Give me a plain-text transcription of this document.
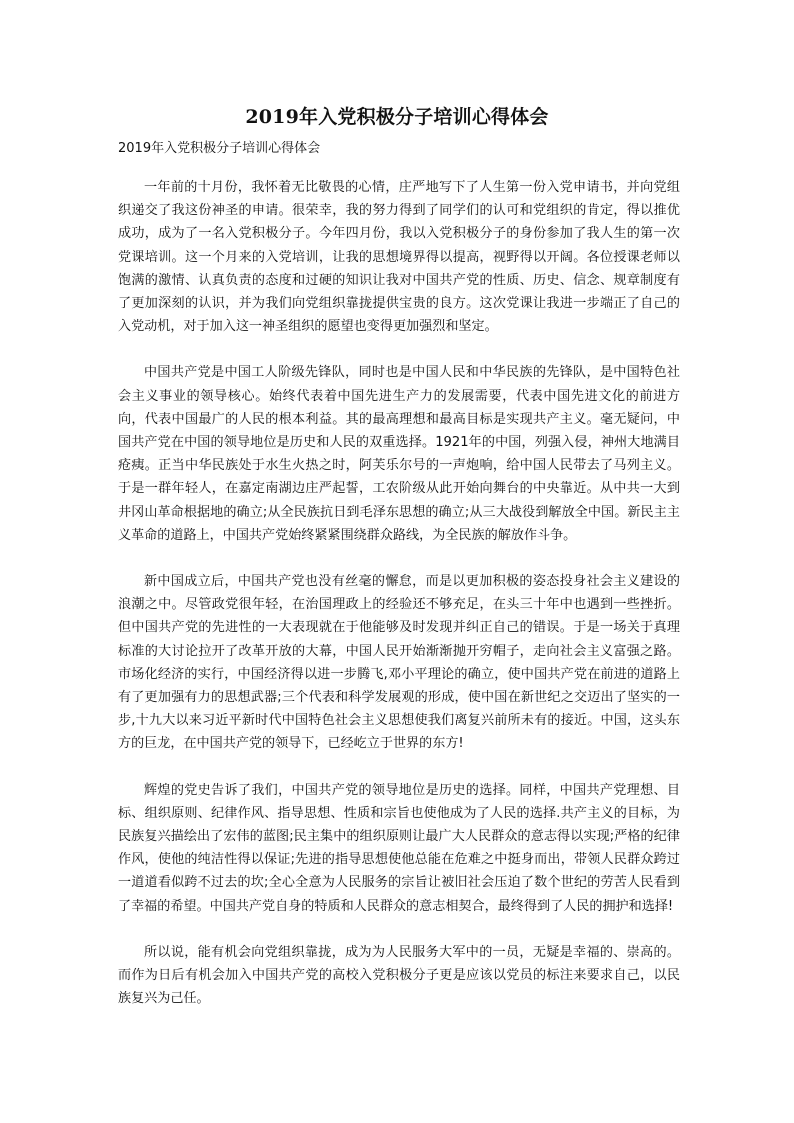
2019年入党积极分子培训心得体会
2019年入党积极分子培训心得体会

一年前的十月份，我怀着无比敬畏的心情，庄严地写下了人生第一份入党申请书，并向党组织递交了我这份神圣的申请。很荣幸，我的努力得到了同学们的认可和党组织的肯定，得以推优成功，成为了一名入党积极分子。今年四月份，我以入党积极分子的身份参加了我人生的第一次党课培训。这一个月来的入党培训，让我的思想境界得以提高，视野得以开阔。各位授课老师以饱满的激情、认真负责的态度和过硬的知识让我对中国共产党的性质、历史、信念、规章制度有了更加深刻的认识，并为我们向党组织靠拢提供宝贵的良方。这次党课让我进一步端正了自己的入党动机，对于加入这一神圣组织的愿望也变得更加强烈和坚定。

中国共产党是中国工人阶级先锋队，同时也是中国人民和中华民族的先锋队，是中国特色社会主义事业的领导核心。始终代表着中国先进生产力的发展需要，代表中国先进文化的前进方向，代表中国最广的人民的根本利益。其的最高理想和最高目标是实现共产主义。毫无疑问，中国共产党在中国的领导地位是历史和人民的双重选择。1921年的中国，列强入侵，神州大地满目疮痍。正当中华民族处于水生火热之时，阿芙乐尔号的一声炮响，给中国人民带去了马列主义。于是一群年轻人，在嘉定南湖边庄严起誓，工农阶级从此开始向舞台的中央靠近。从中共一大到井冈山革命根据地的确立;从全民族抗日到毛泽东思想的确立;从三大战役到解放全中国。新民主主义革命的道路上，中国共产党始终紧紧围绕群众路线，为全民族的解放作斗争。

新中国成立后，中国共产党也没有丝毫的懈怠，而是以更加积极的姿态投身社会主义建设的浪潮之中。尽管政党很年轻，在治国理政上的经验还不够充足，在头三十年中也遇到一些挫折。但中国共产党的先进性的一大表现就在于他能够及时发现并纠正自己的错误。于是一场关于真理标准的大讨论拉开了改革开放的大幕，中国人民开始渐渐抛开穷帽子，走向社会主义富强之路。市场化经济的实行，中国经济得以进一步腾飞,邓小平理论的确立，使中国共产党在前进的道路上有了更加强有力的思想武器;三个代表和科学发展观的形成，使中国在新世纪之交迈出了坚实的一步,十九大以来习近平新时代中国特色社会主义思想使我们离复兴前所未有的接近。中国，这头东方的巨龙，在中国共产党的领导下，已经屹立于世界的东方!

辉煌的党史告诉了我们，中国共产党的领导地位是历史的选择。同样，中国共产党理想、目标、组织原则、纪律作风、指导思想、性质和宗旨也使他成为了人民的选择.共产主义的目标，为民族复兴描绘出了宏伟的蓝图;民主集中的组织原则让最广大人民群众的意志得以实现;严格的纪律作风，使他的纯洁性得以保证;先进的指导思想使他总能在危难之中挺身而出，带领人民群众跨过一道道看似跨不过去的坎;全心全意为人民服务的宗旨让被旧社会压迫了数个世纪的劳苦人民看到了幸福的希望。中国共产党自身的特质和人民群众的意志相契合，最终得到了人民的拥护和选择!

所以说，能有机会向党组织靠拢，成为为人民服务大军中的一员，无疑是幸福的、崇高的。而作为日后有机会加入中国共产党的高校入党积极分子更是应该以党员的标注来要求自己，以民族复兴为己任。
